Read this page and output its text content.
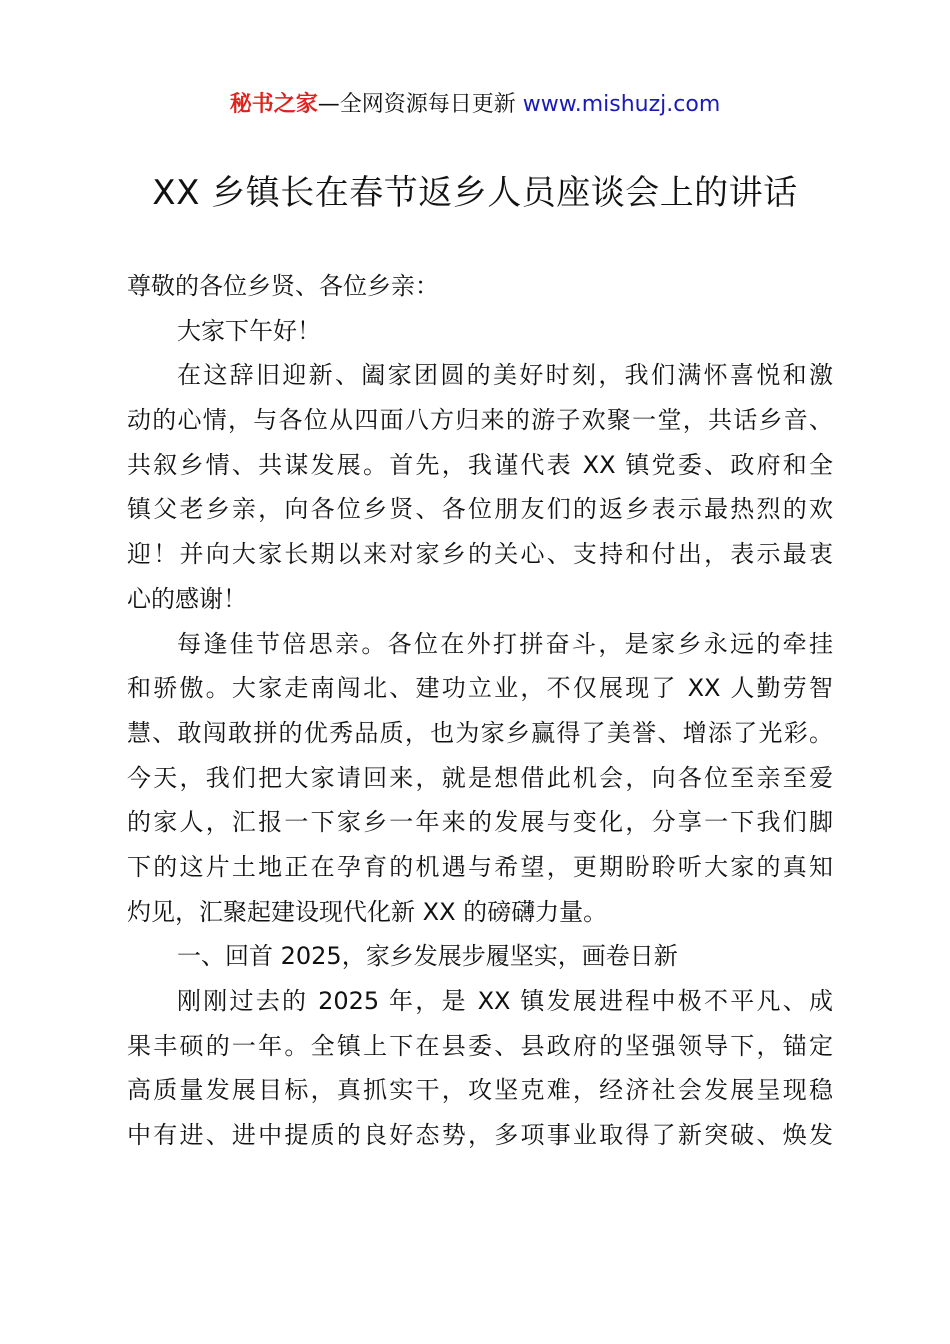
秘书之家—全网资源每日更新 www.mishuzj.com
XX 乡镇长在春节返乡人员座谈会上的讲话
尊敬的各位乡贤、各位乡亲：
大家下午好！
在这辞旧迎新、阖家团圆的美好时刻，我们满怀喜悦和激
动的心情，与各位从四面八方归来的游子欢聚一堂，共话乡音、
共叙乡情、共谋发展。首先，我谨代表 XX 镇党委、政府和全
镇父老乡亲，向各位乡贤、各位朋友们的返乡表示最热烈的欢
迎！并向大家长期以来对家乡的关心、支持和付出，表示最衷
心的感谢！
每逢佳节倍思亲。各位在外打拼奋斗，是家乡永远的牵挂
和骄傲。大家走南闯北、建功立业，不仅展现了 XX 人勤劳智
慧、敢闯敢拼的优秀品质，也为家乡赢得了美誉、增添了光彩。
今天，我们把大家请回来，就是想借此机会，向各位至亲至爱
的家人，汇报一下家乡一年来的发展与变化，分享一下我们脚
下的这片土地正在孕育的机遇与希望，更期盼聆听大家的真知
灼见，汇聚起建设现代化新 XX 的磅礴力量。
一、回首 2025，家乡发展步履坚实，画卷日新
刚刚过去的 2025 年，是 XX 镇发展进程中极不平凡、成
果丰硕的一年。全镇上下在县委、县政府的坚强领导下，锚定
高质量发展目标，真抓实干，攻坚克难，经济社会发展呈现稳
中有进、进中提质的良好态势，多项事业取得了新突破、焕发
